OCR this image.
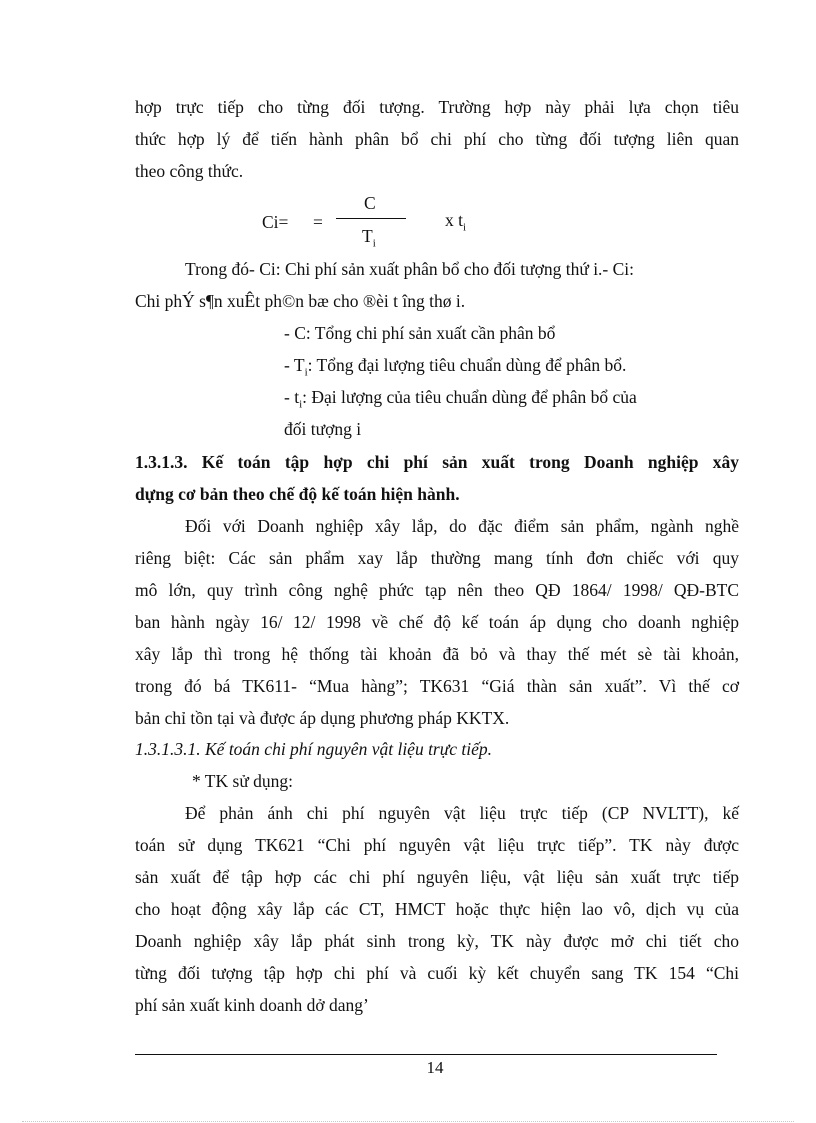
hợp trực tiếp cho từng đối tượng. Trường hợp này phải lựa chọn tiêu
thức hợp lý để tiến hành phân bổ chi phí cho từng đối tượng liên quan
theo công thức.
Ci= =
C
$T_i$
x $t_i$
Trong đó- Ci: Chi phí sản xuất phân bổ cho đối tượng thứ i.- Ci:
Chi phÝ s¶n xuÊt ph©n bæ cho ®èi t îng thø i.
- C: Tổng chi phí sản xuất cần phân bổ
- $T_i$: Tổng đại lượng tiêu chuẩn dùng để phân bổ.
- $t_i$: Đại lượng của tiêu chuẩn dùng để phân bổ của
đối tượng i
1.3.1.3. Kế toán tập hợp chi phí sản xuất trong Doanh nghiệp xây
dựng cơ bản theo chế độ kế toán hiện hành.
Đối với Doanh nghiệp xây lắp, do đặc điểm sản phẩm, ngành nghề
riêng biệt: Các sản phẩm xay lắp thường mang tính đơn chiếc với quy
mô lớn, quy trình công nghệ phức tạp nên theo QĐ 1864/ 1998/ QĐ-BTC
ban hành ngày 16/ 12/ 1998 về chế độ kế toán áp dụng cho doanh nghiệp
xây lắp thì trong hệ thống tài khoản đã bỏ và thay thế mét sè tài khoản,
trong đó bá TK611- “Mua hàng”; TK631 “Giá thàn sản xuất”. Vì thế cơ
bản chỉ tồn tại và được áp dụng phương pháp KKTX.
1.3.1.3.1. Kế toán chi phí nguyên vật liệu trực tiếp.
* TK sử dụng:
Để phản ánh chi phí nguyên vật liệu trực tiếp (CP NVLTT), kế
toán sử dụng TK621 “Chi phí nguyên vật liệu trực tiếp”. TK này được
sản xuất để tập hợp các chi phí nguyên liệu, vật liệu sản xuất trực tiếp
cho hoạt động xây lắp các CT, HMCT hoặc thực hiện lao vô, dịch vụ của
Doanh nghiệp xây lắp phát sinh trong kỳ, TK này được mở chi tiết cho
từng đối tượng tập hợp chi phí và cuối kỳ kết chuyển sang TK 154 “Chi
phí sản xuất kinh doanh dở dang’
14
